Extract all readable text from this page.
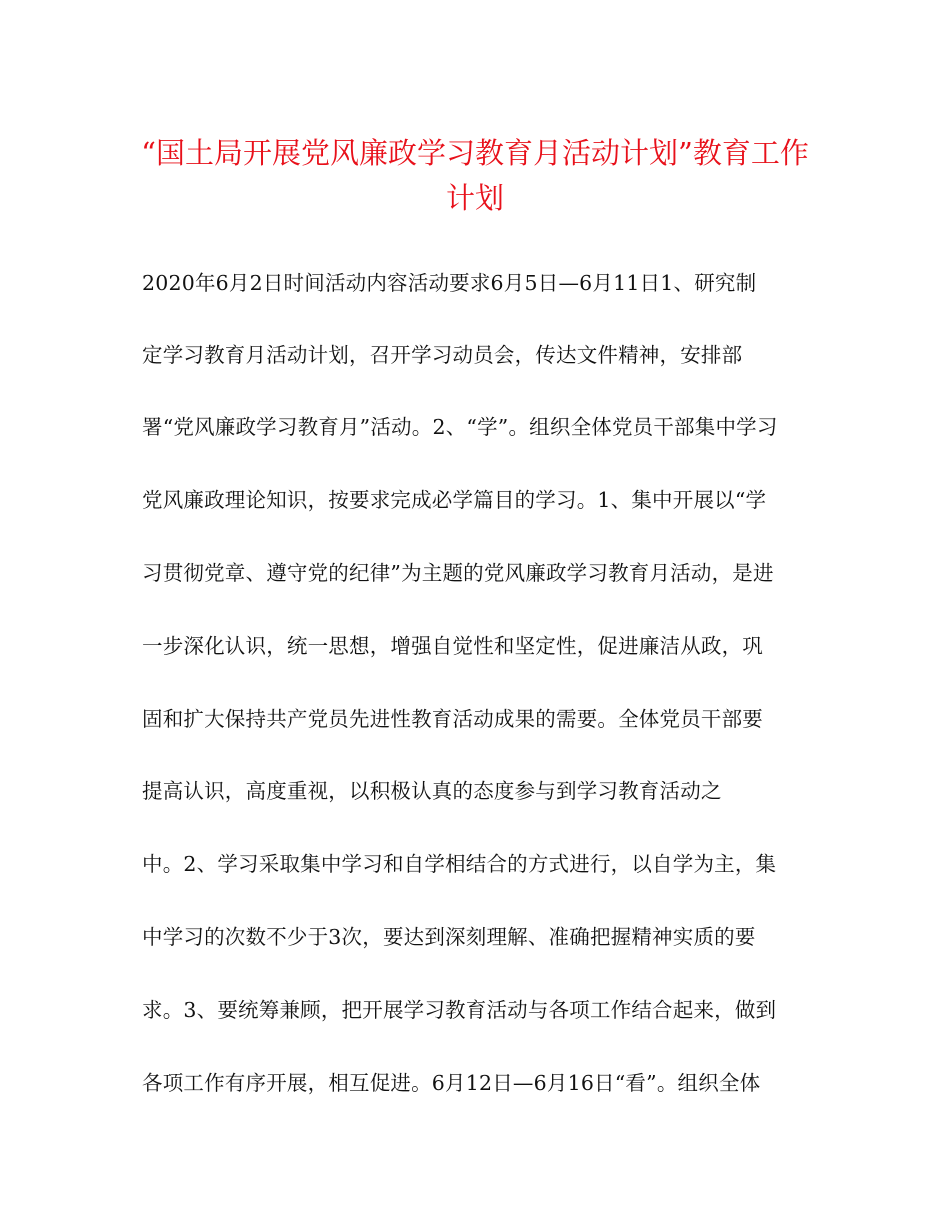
“国土局开展党风廉政学习教育月活动计划”教育工作
计划
2020年6月2日时间活动内容活动要求6月5日—6月11日1、研究制
定学习教育月活动计划，召开学习动员会，传达文件精神，安排部
署“党风廉政学习教育月”活动。2、“学”。组织全体党员干部集中学习
党风廉政理论知识，按要求完成必学篇目的学习。1、集中开展以“学
习贯彻党章、遵守党的纪律”为主题的党风廉政学习教育月活动，是进
一步深化认识，统一思想，增强自觉性和坚定性，促进廉洁从政，巩
固和扩大保持共产党员先进性教育活动成果的需要。全体党员干部要
提高认识，高度重视，以积极认真的态度参与到学习教育活动之
中。2、学习采取集中学习和自学相结合的方式进行，以自学为主，集
中学习的次数不少于3次，要达到深刻理解、准确把握精神实质的要
求。3、要统筹兼顾，把开展学习教育活动与各项工作结合起来，做到
各项工作有序开展，相互促进。6月12日—6月16日“看”。组织全体
